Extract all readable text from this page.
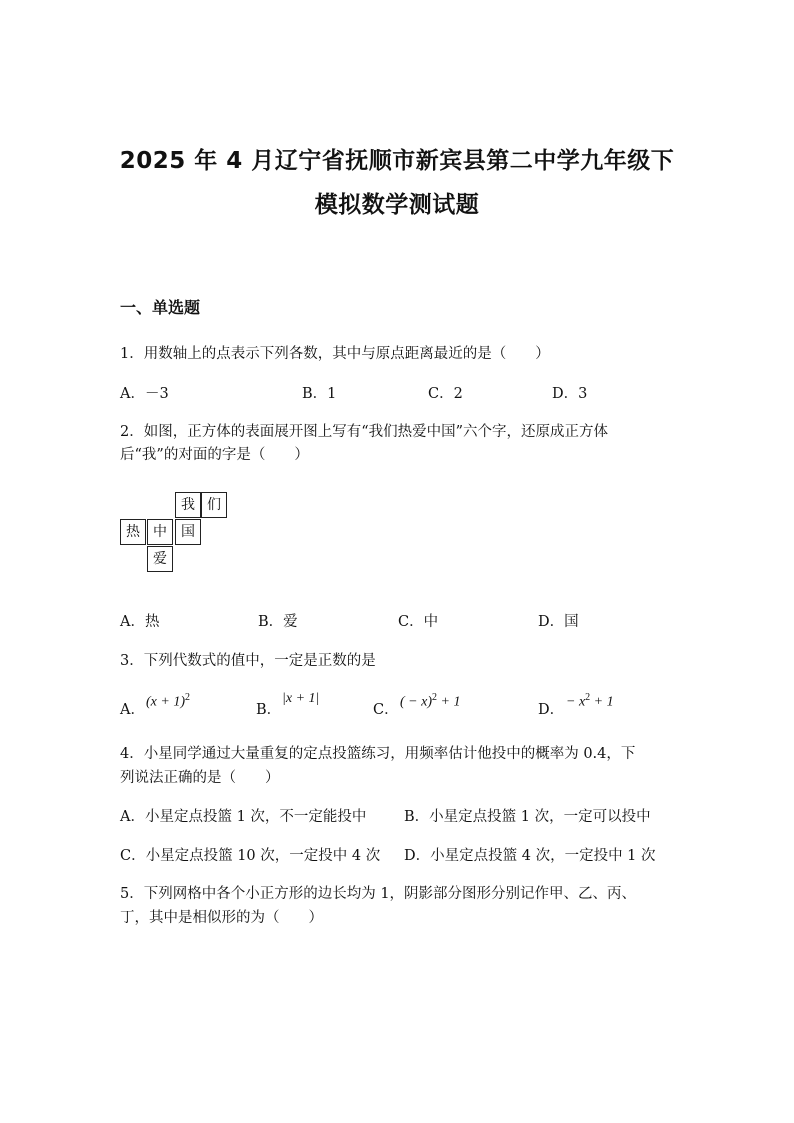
2025 年 4 月辽宁省抚顺市新宾县第二中学九年级下
模拟数学测试题
一、单选题
1．用数轴上的点表示下列各数，其中与原点距离最近的是（　　）
A．－3	B．1	C．2	D．3
2．如图，正方体的表面展开图上写有“我们热爱中国”六个字，还原成正方体
后“我”的对面的字是（　　）
我 们
热 中	国
爱
A．热	B．爱	C．中	D．国
3．下列代数式的值中，一定是正数的是
A． $(x + 1)^2$
B．
|x + 1|
C． ( − x)$^2$ + 1	D． − $x^2 + 1$
4．小星同学通过大量重复的定点投篮练习，用频率估计他投中的概率为 0.4，下
列说法正确的是（　　）
A．小星定点投篮 1 次，不一定能投中	B．小星定点投篮 1 次，一定可以投中
C．小星定点投篮 10 次，一定投中 4 次 D．小星定点投篮 4 次，一定投中 1 次
5．下列网格中各个小正方形的边长均为 1，阴影部分图形分别记作甲、乙、丙、
丁，其中是相似形的为（　　）
